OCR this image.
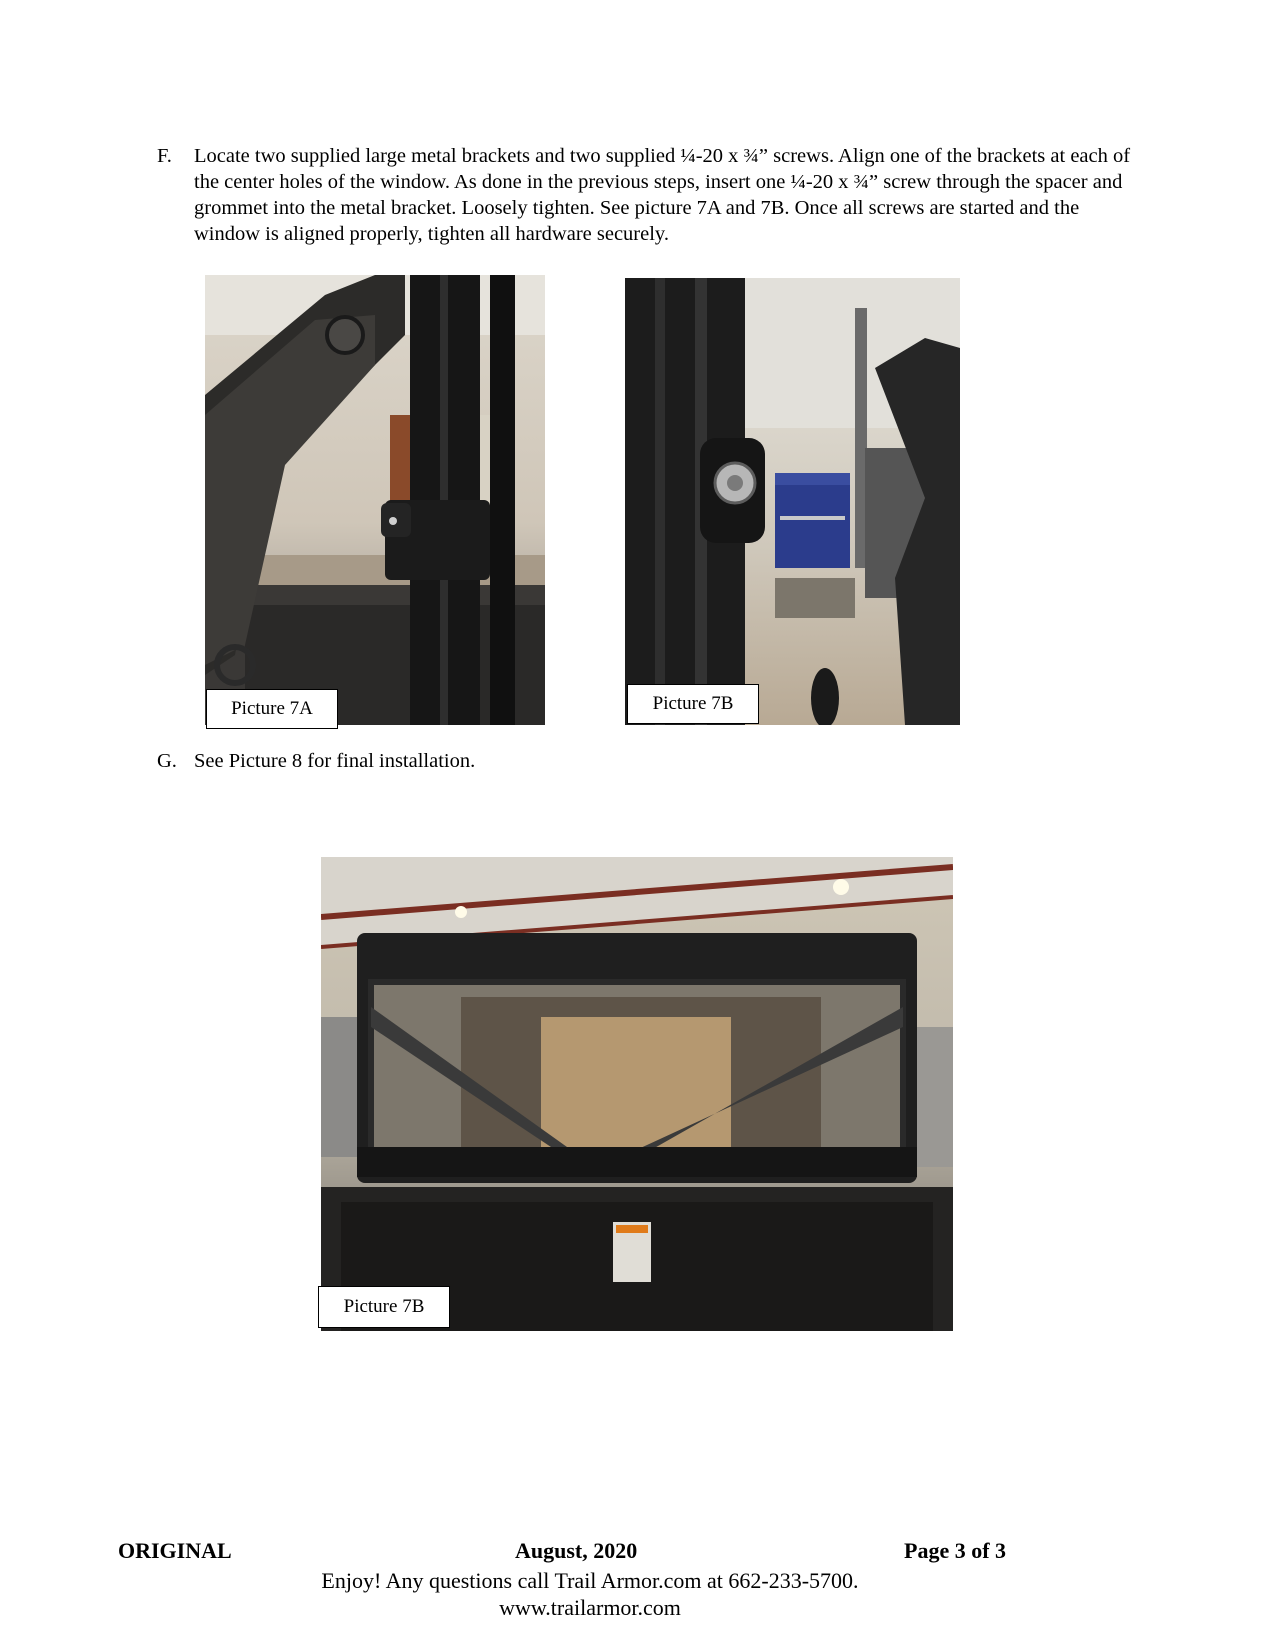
F. Locate two supplied large metal brackets and two supplied ¼-20 x ¾” screws. Align one of the brackets at each of the center holes of the window. As done in the previous steps, insert one ¼-20 x ¾” screw through the spacer and grommet into the metal bracket. Loosely tighten. See picture 7A and 7B. Once all screws are started and the window is aligned properly, tighten all hardware securely.
Picture 7A	Picture 7B
G. See Picture 8 for final installation.
Picture 7B
ORIGINAL	August, 2020	Page 3 of 3
Enjoy! Any questions call Trail Armor.com at 662-233-5700.
www.trailarmor.com
